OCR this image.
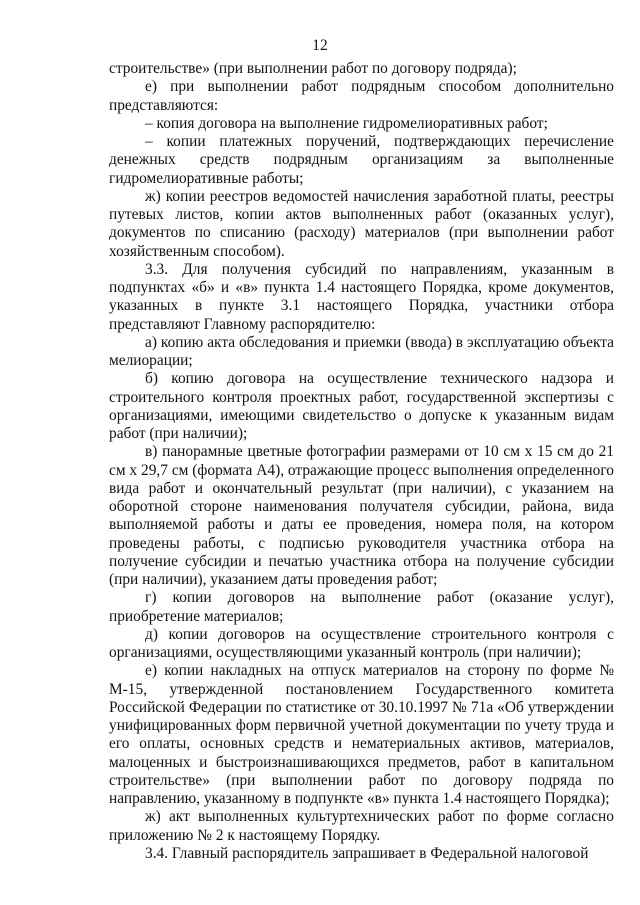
12

строительстве» (при выполнении работ по договору подряда);

е) при выполнении работ подрядным способом дополнительно представляются:

– копия договора на выполнение гидромелиоративных работ;

– копии платежных поручений, подтверждающих перечисление денежных средств подрядным организациям за выполненные гидромелиоративные работы;

ж) копии реестров ведомостей начисления заработной платы, реестры путевых листов, копии актов выполненных работ (оказанных услуг), документов по списанию (расходу) материалов (при выполнении работ хозяйственным способом).

3.3. Для получения субсидий по направлениям, указанным в подпунктах «б» и «в» пункта 1.4 настоящего Порядка, кроме документов, указанных в пункте 3.1 настоящего Порядка, участники отбора представляют Главному распорядителю:

а) копию акта обследования и приемки (ввода) в эксплуатацию объекта мелиорации;

б) копию договора на осуществление технического надзора и строительного контроля проектных работ, государственной экспертизы с организациями, имеющими свидетельство о допуске к указанным видам работ (при наличии);

в) панорамные цветные фотографии размерами от 10 см х 15 см до 21 см х 29,7 см (формата А4), отражающие процесс выполнения определенного вида работ и окончательный результат (при наличии), с указанием на оборотной стороне наименования получателя субсидии, района, вида выполняемой работы и даты ее проведения, номера поля, на котором проведены работы, с подписью руководителя участника отбора на получение субсидии и печатью участника отбора на получение субсидии (при наличии), указанием даты проведения работ;

г) копии договоров на выполнение работ (оказание услуг), приобретение материалов;

д) копии договоров на осуществление строительного контроля с организациями, осуществляющими указанный контроль (при наличии);

е) копии накладных на отпуск материалов на сторону по форме № М-15, утвержденной постановлением Государственного комитета Российской Федерации по статистике от 30.10.1997 № 71а «Об утверждении унифицированных форм первичной учетной документации по учету труда и его оплаты, основных средств и нематериальных активов, материалов, малоценных и быстроизнашивающихся предметов, работ в капитальном строительстве» (при выполнении работ по договору подряда по направлению, указанному в подпункте «в» пункта 1.4 настоящего Порядка);

ж) акт выполненных культуртехнических работ по форме согласно приложению № 2 к настоящему Порядку.

3.4. Главный распорядитель запрашивает в Федеральной налоговой
